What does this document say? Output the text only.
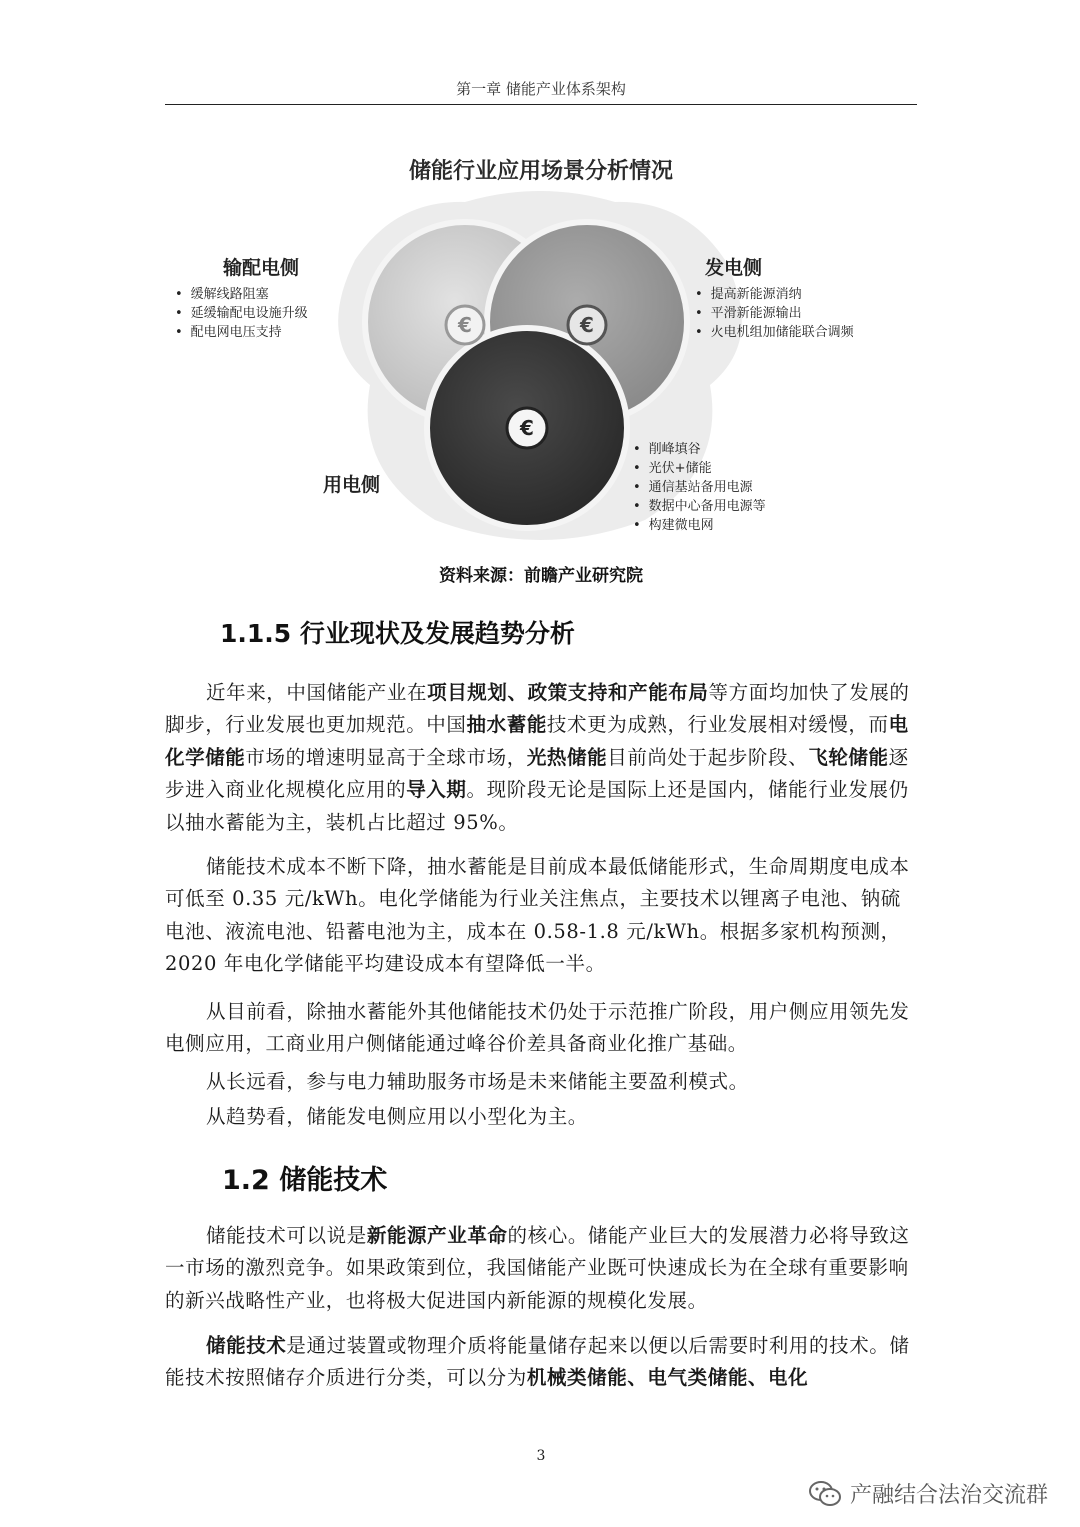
第一章 储能产业体系架构
€	€
€
储能行业应用场景分析情况
输配电侧
• 缓解线路阻塞
• 延缓输配电设施升级
• 配电网电压支持
发电侧
• 提高新能源消纳
• 平滑新能源输出
• 火电机组加储能联合调频
用电侧
• 削峰填谷
• 光伏+储能
• 通信基站备用电源
• 数据中心备用电源等
• 构建微电网
资料来源：前瞻产业研究院
1.1.5 行业现状及发展趋势分析

近年来，中国储能产业在项目规划、政策支持和产能布局等方面均加快了发展的脚步，行业发展也更加规范。中国抽水蓄能技术更为成熟，行业发展相对缓慢，而电化学储能市场的增速明显高于全球市场，光热储能目前尚处于起步阶段、飞轮储能逐步进入商业化规模化应用的导入期。现阶段无论是国际上还是国内，储能行业发展仍以抽水蓄能为主，装机占比超过 95%。

储能技术成本不断下降，抽水蓄能是目前成本最低储能形式，生命周期度电成本可低至 0.35 元/kWh。电化学储能为行业关注焦点，主要技术以锂离子电池、钠硫电池、液流电池、铅蓄电池为主，成本在 0.58-1.8 元/kWh。根据多家机构预测，2020 年电化学储能平均建设成本有望降低一半。

从目前看，除抽水蓄能外其他储能技术仍处于示范推广阶段，用户侧应用领先发电侧应用，工商业用户侧储能通过峰谷价差具备商业化推广基础。

从长远看，参与电力辅助服务市场是未来储能主要盈利模式。

从趋势看，储能发电侧应用以小型化为主。

1.2 储能技术

储能技术可以说是新能源产业革命的核心。储能产业巨大的发展潜力必将导致这一市场的激烈竞争。如果政策到位，我国储能产业既可快速成长为在全球有重要影响的新兴战略性产业，也将极大促进国内新能源的规模化发展。

储能技术是通过装置或物理介质将能量储存起来以便以后需要时利用的技术。储能技术按照储存介质进行分类，可以分为机械类储能、电气类储能、电化

3
产融结合法治交流群
